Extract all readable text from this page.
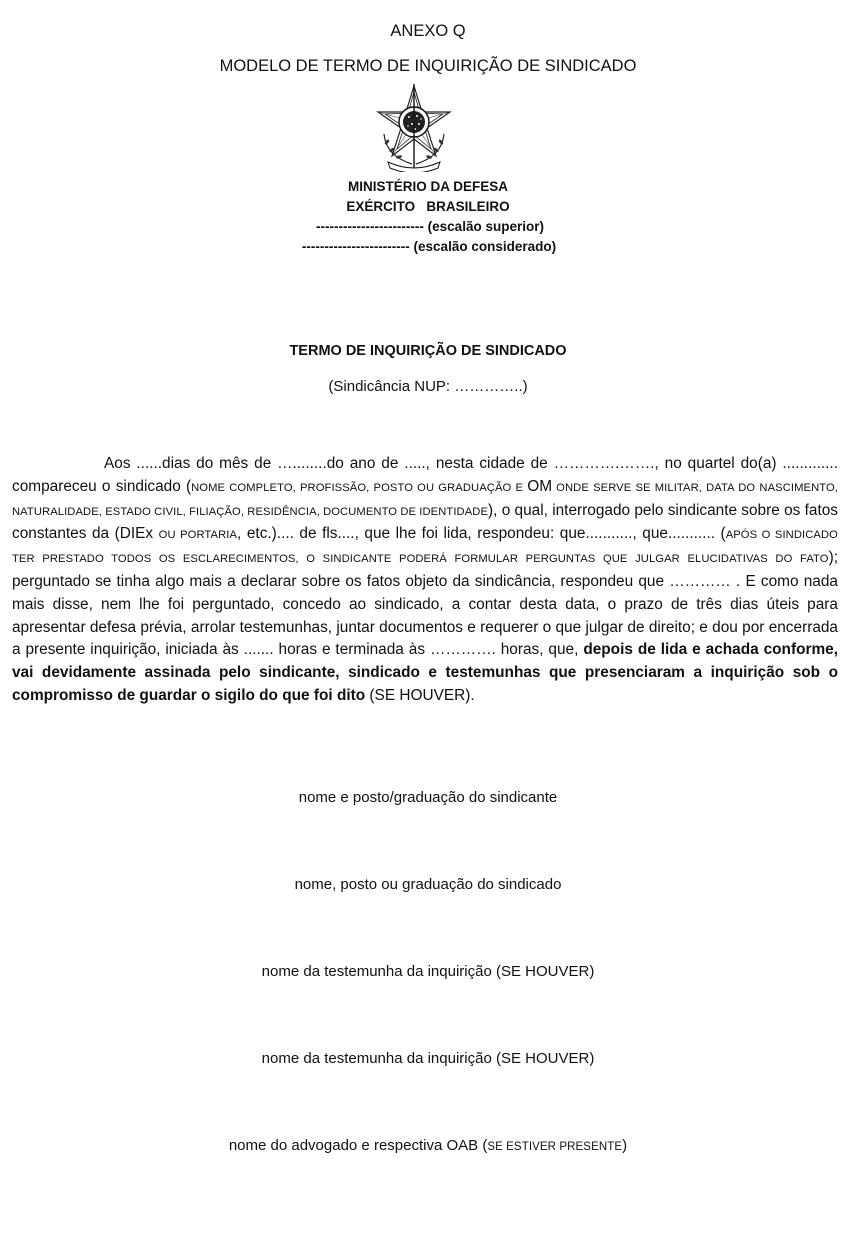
ANEXO Q
MODELO DE TERMO DE INQUIRIÇÃO DE SINDICADO
MINISTÉRIO DA DEFESA
EXÉRCITO   BRASILEIRO
------------------------ (escalão superior)
------------------------ (escalão considerado)
TERMO DE INQUIRIÇÃO DE SINDICADO
(Sindicância NUP: …………..)
Aos ......dias do mês de …........do ano de ....., nesta cidade de ………….……., no quartel do(a) ............. compareceu o sindicado (NOME COMPLETO, PROFISSÃO, POSTO OU GRADUAÇÃO E OM ONDE SERVE SE MILITAR, DATA DO NASCIMENTO, NATURALIDADE, ESTADO CIVIL, FILIAÇÃO, RESIDÊNCIA, DOCUMENTO DE IDENTIDADE), o qual, interrogado pelo sindicante sobre os fatos constantes da (DIEx OU PORTARIA, etc.).... de fls...., que lhe foi lida, respondeu: que..........., que........... (APÓS O SINDICADO TER PRESTADO TODOS OS ESCLARECIMENTOS, O SINDICANTE PODERÁ FORMULAR PERGUNTAS QUE JULGAR ELUCIDATIVAS DO FATO); perguntado se tinha algo mais a declarar sobre os fatos objeto da sindicância, respondeu que ………… . E como nada mais disse, nem lhe foi perguntado, concedo ao sindicado, a contar desta data, o prazo de três dias úteis para apresentar defesa prévia, arrolar testemunhas, juntar documentos e requerer o que julgar de direito; e dou por encerrada a presente inquirição, iniciada às ....... horas e terminada às …………. horas, que, depois de lida e achada conforme, vai devidamente assinada pelo sindicante, sindicado e testemunhas que presenciaram a inquirição sob o compromisso de guardar o sigilo do que foi dito (SE HOUVER).
nome e posto/graduação do sindicante
nome, posto ou graduação do sindicado
nome da testemunha da inquirição (SE HOUVER)
nome da testemunha da inquirição (SE HOUVER)
nome do advogado e respectiva OAB (SE ESTIVER PRESENTE)
